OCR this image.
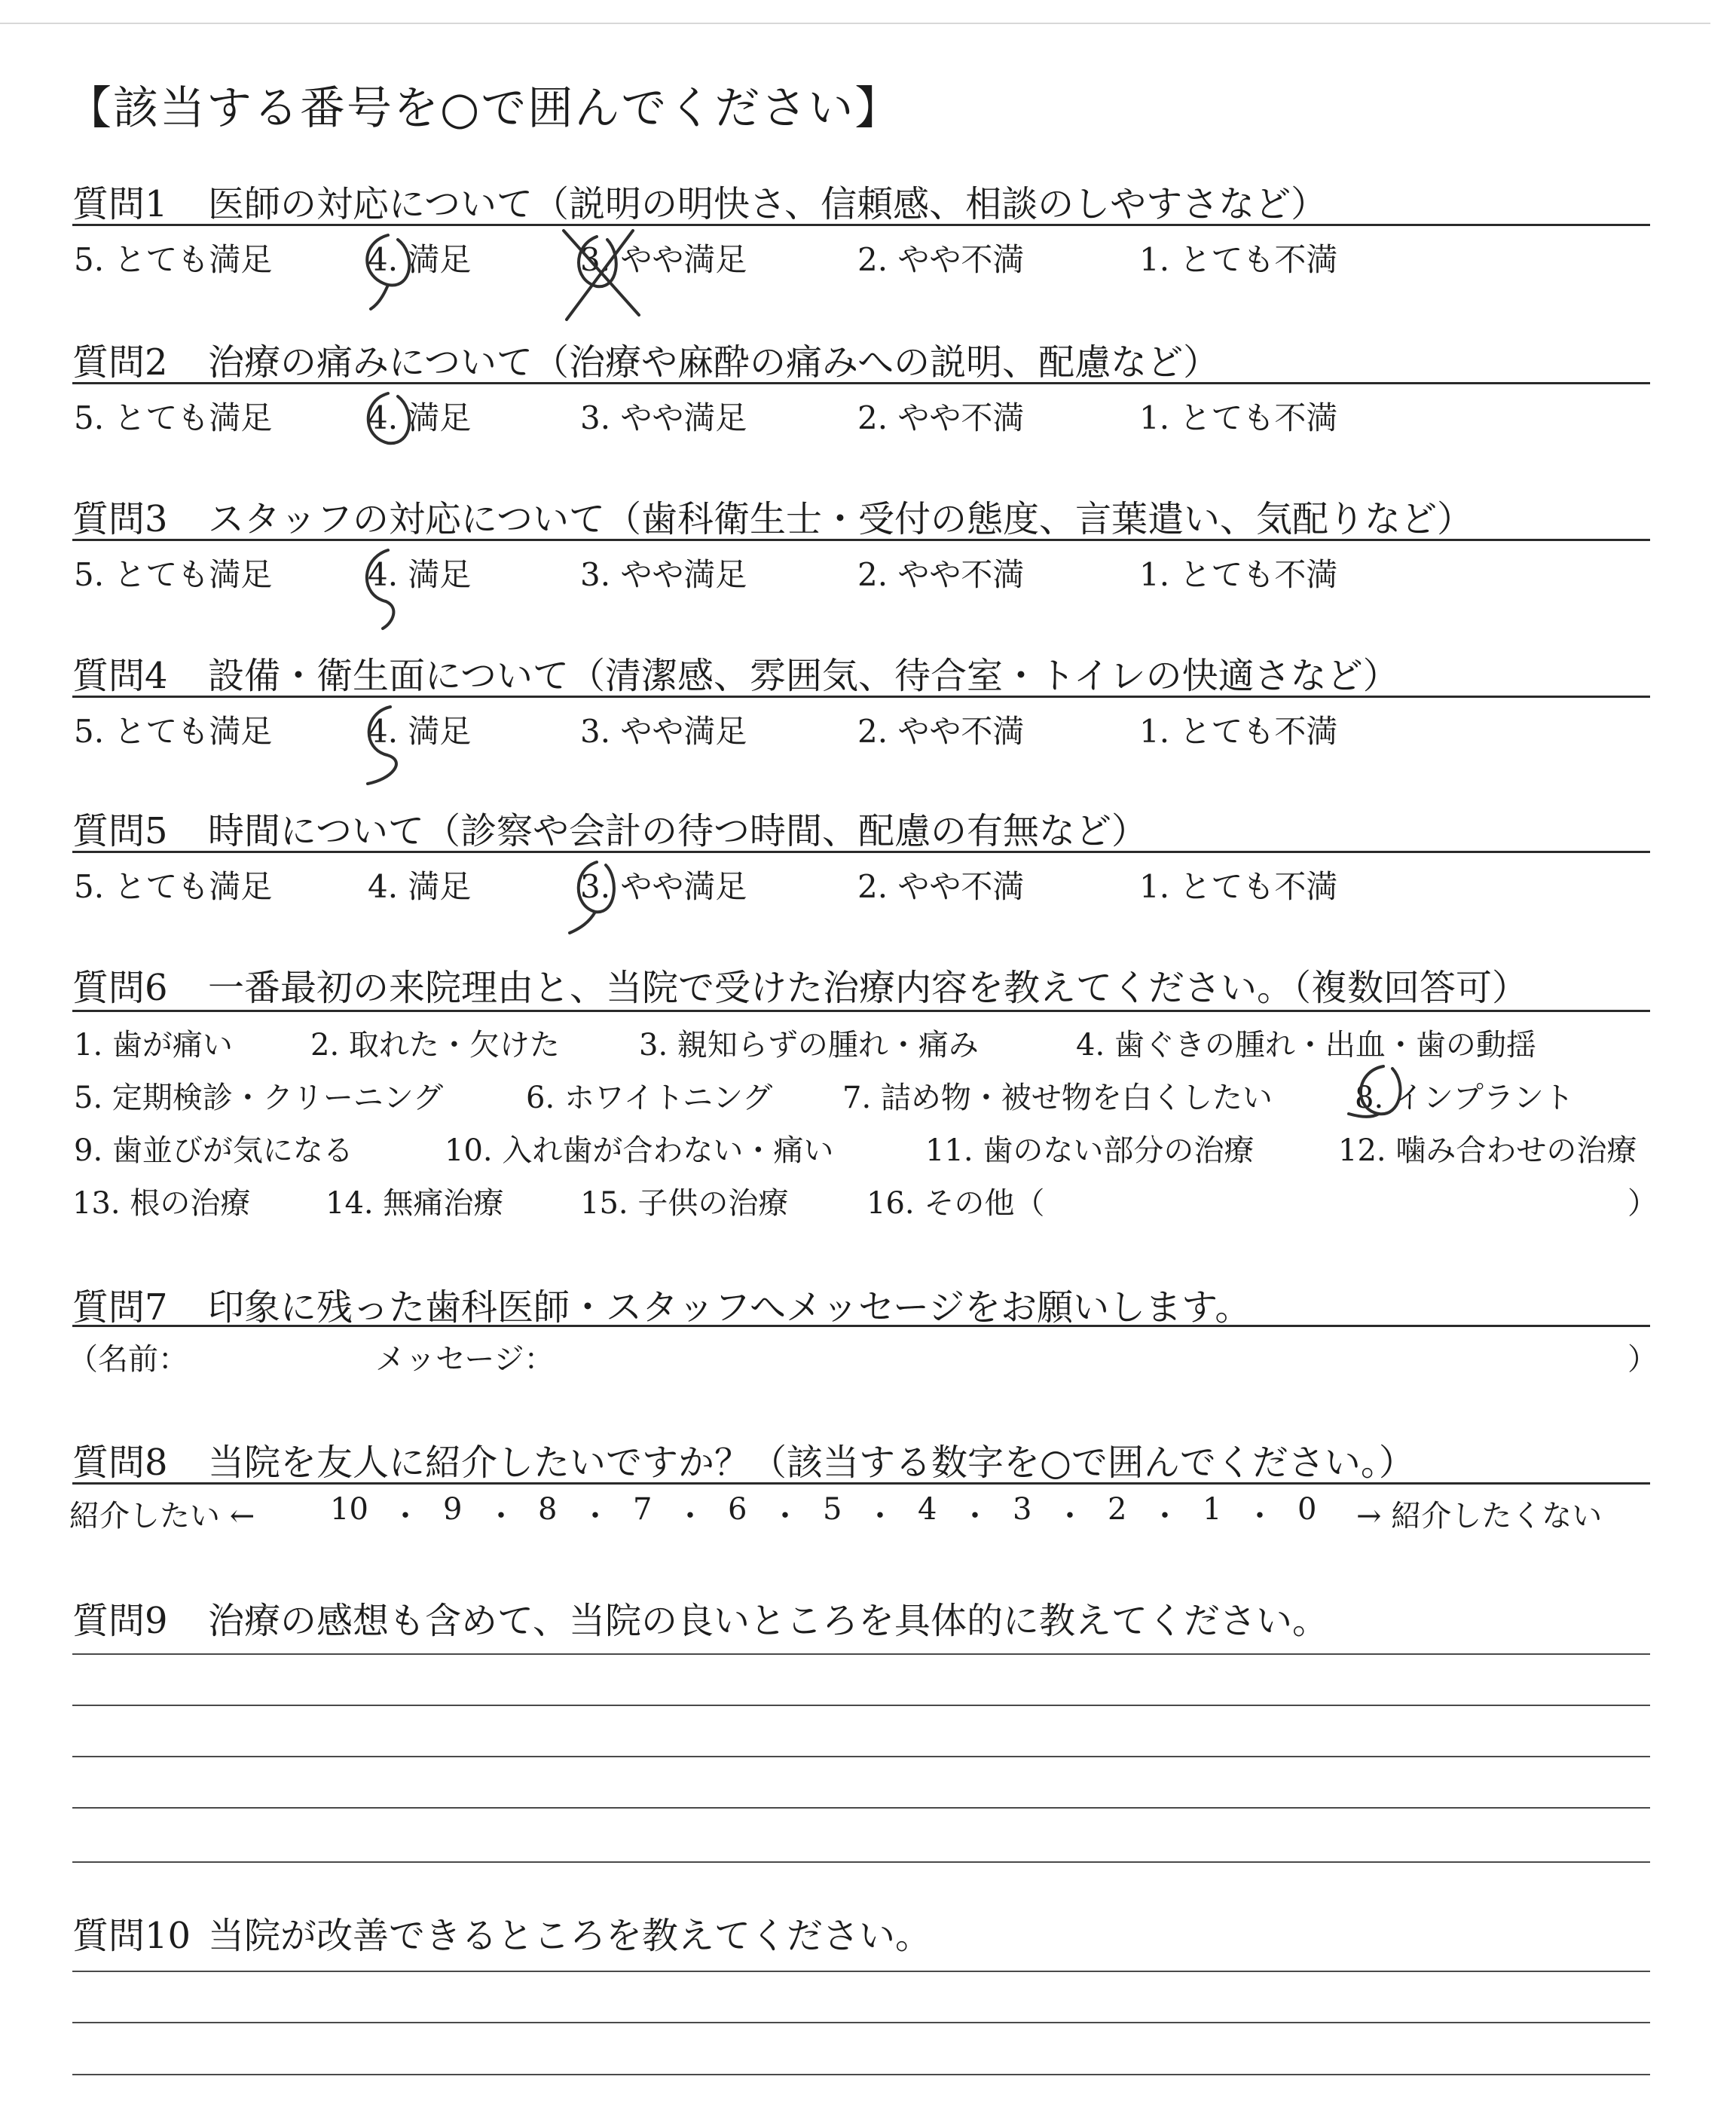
【該当する番号を○で囲んでください】
質問1 医師の対応について（説明の明快さ、信頼感、相談のしやすさなど）
5. とても満足	4. 満足	3. やや満足	2. やや不満	1. とても不満
質問2 治療の痛みについて（治療や麻酔の痛みへの説明、配慮など）
5. とても満足	4. 満足	3. やや満足	2. やや不満	1. とても不満
質問3 スタッフの対応について（歯科衛生士・受付の態度、言葉遣い、気配りなど）
5. とても満足	4. 満足	3. やや満足	2. やや不満	1. とても不満
質問4 設備・衛生面について（清潔感、雰囲気、待合室・トイレの快適さなど）
5. とても満足	4. 満足	3. やや満足	2. やや不満	1. とても不満
質問5 時間について（診察や会計の待つ時間、配慮の有無など）
5. とても満足	4. 満足	3. やや満足	2. やや不満	1. とても不満
質問6 一番最初の来院理由と、当院で受けた治療内容を教えてください。（複数回答可）
1. 歯が痛い	2. 取れた・欠けた	3. 親知らずの腫れ・痛み	4. 歯ぐきの腫れ・出血・歯の動揺
5. 定期検診・クリーニング	6. ホワイトニング 7. 詰め物・被せ物を白くしたい	8. インプラント
9. 歯並びが気になる	10. 入れ歯が合わない・痛い	11. 歯のない部分の治療	12. 噛み合わせの治療
13. 根の治療 14. 無痛治療	15. 子供の治療	16. その他（	）
質問7 印象に残った歯科医師・スタッフへメッセージをお願いします。
（名前：	メッセージ：	）
質問8 当院を友人に紹介したいですか？（該当する数字を○で囲んでください。）
紹介したい ← 10 ・ 9 ・ 8 ・ 7 ・ 6 ・ 5 ・ 4 ・ 3 ・ 2 ・ 1 ・ 0 → 紹介したくない
質問9 治療の感想も含めて、当院の良いところを具体的に教えてください。
質問10 当院が改善できるところを教えてください。
